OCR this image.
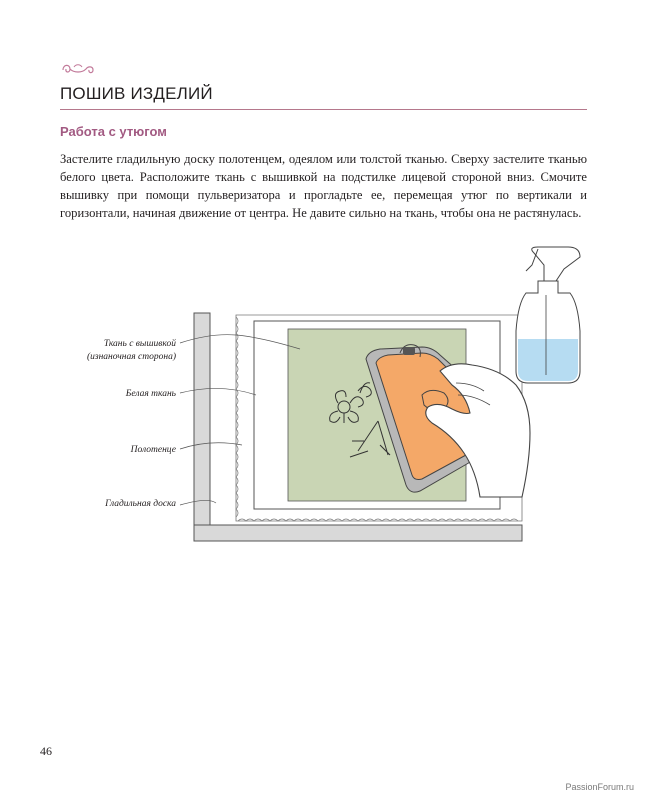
ПОШИВ ИЗДЕЛИЙ
Работа с утюгом

Застелите гладильную доску полотенцем, одеялом или толстой тканью. Сверху застелите тканью белого цвета. Расположите ткань с вышивкой на подстилке лицевой стороной вниз. Смочите вышивку при помощи пульверизатора и прогладьте ее, перемещая утюг по вертикали и горизонтали, начиная движение от центра. Не давите сильно на ткань, чтобы она не растянулась.

Ткань с вышивкой
(изнаночная сторона)
Белая ткань
Полотенце
Гладильная доска
46
PassionForum.ru
